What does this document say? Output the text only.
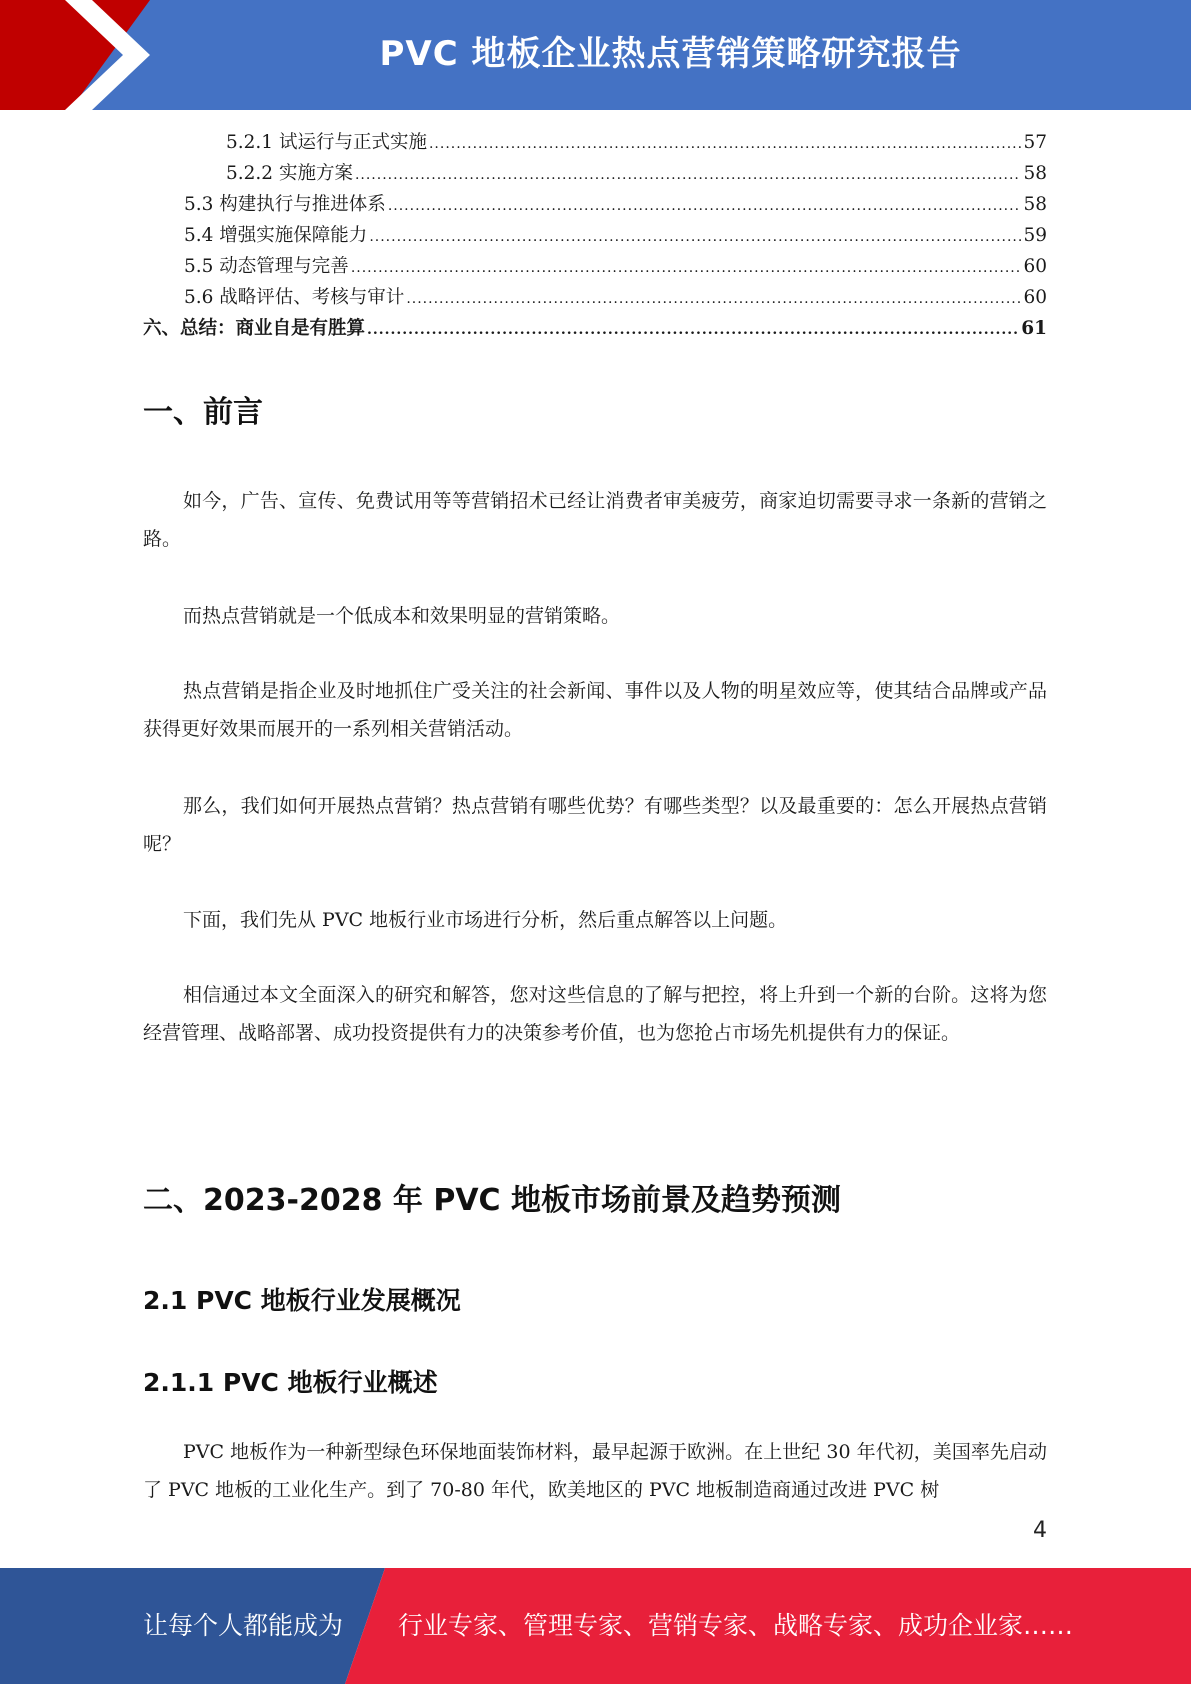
PVC 地板企业热点营销策略研究报告
5.2.1 试运行与正式实施 .....	57
5.2.2 实施方案 .....	58
5.3 构建执行与推进体系 .....	58
5.4 增强实施保障能力 .....	59
5.5 动态管理与完善 .....	60
5.6 战略评估、考核与审计 .....	60
六、总结：商业自是有胜算 .....	61
一、前言

如今，广告、宣传、免费试用等等营销招术已经让消费者审美疲劳，商家迫切需要寻求一条新的营销之路。

而热点营销就是一个低成本和效果明显的营销策略。

热点营销是指企业及时地抓住广受关注的社会新闻、事件以及人物的明星效应等，使其结合品牌或产品获得更好效果而展开的一系列相关营销活动。

那么，我们如何开展热点营销？热点营销有哪些优势？有哪些类型？以及最重要的：怎么开展热点营销呢？

下面，我们先从 PVC 地板行业市场进行分析，然后重点解答以上问题。

相信通过本文全面深入的研究和解答，您对这些信息的了解与把控，将上升到一个新的台阶。这将为您经营管理、战略部署、成功投资提供有力的决策参考价值，也为您抢占市场先机提供有力的保证。

二、2023-2028 年 PVC 地板市场前景及趋势预测
2.1 PVC 地板行业发展概况
2.1.1 PVC 地板行业概述

PVC 地板作为一种新型绿色环保地面装饰材料，最早起源于欧洲。在上世纪 30 年代初，美国率先启动了 PVC 地板的工业化生产。到了 70-80 年代，欧美地区的 PVC 地板制造商通过改进 PVC 树

4
让每个人都能成为 行业专家、管理专家、营销专家、战略专家、成功企业家……
